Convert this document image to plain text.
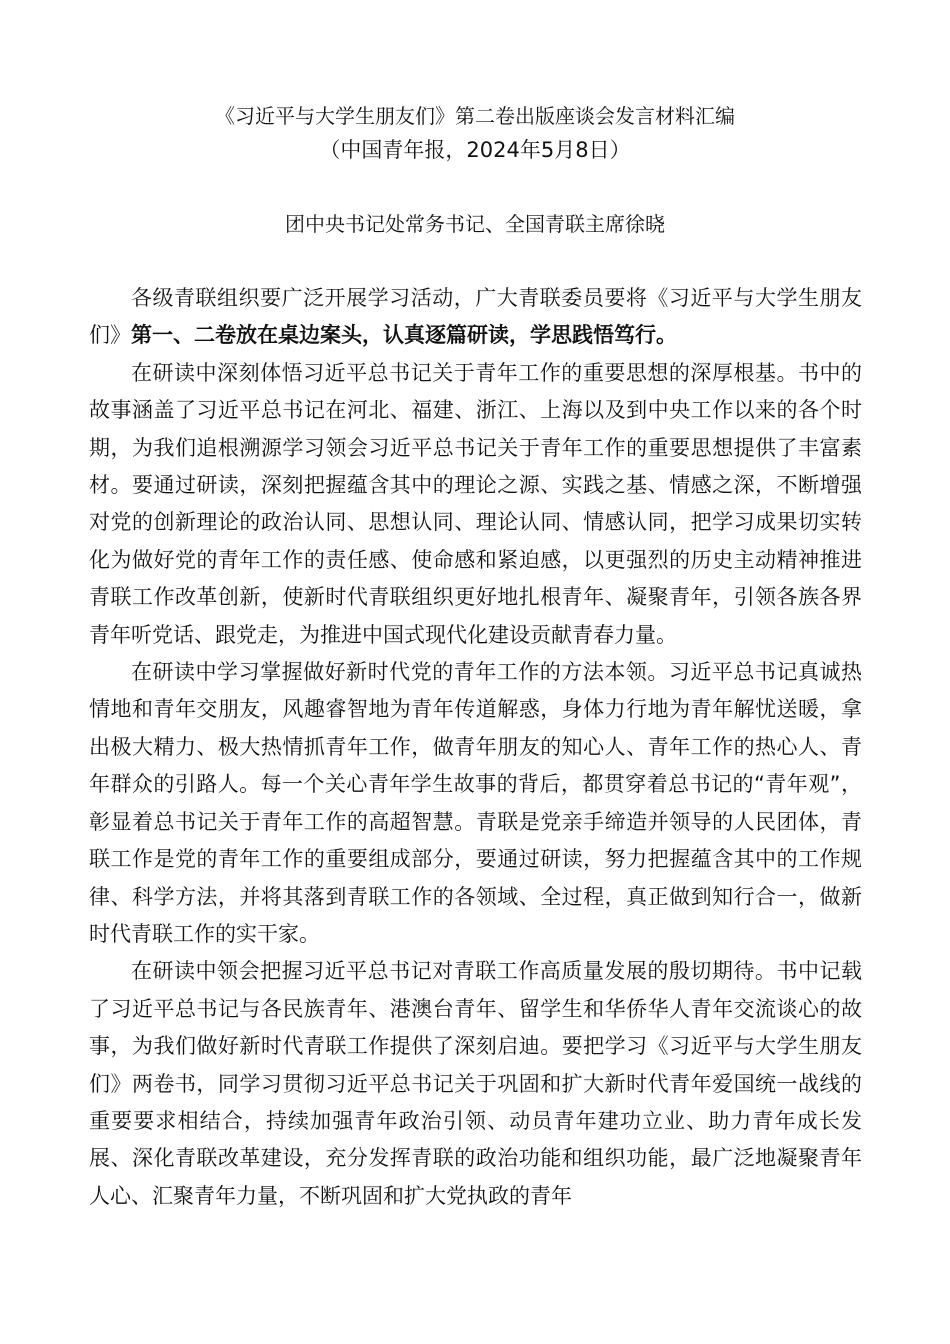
《习近平与大学生朋友们》第二卷出版座谈会发言材料汇编
（中国青年报，2024年5月8日）
团中央书记处常务书记、全国青联主席徐晓

各级青联组织要广泛开展学习活动，广大青联委员要将《习近平与大学生朋友们》第一、二卷放在桌边案头，认真逐篇研读，学思践悟笃行。

在研读中深刻体悟习近平总书记关于青年工作的重要思想的深厚根基。书中的故事涵盖了习近平总书记在河北、福建、浙江、上海以及到中央工作以来的各个时期，为我们追根溯源学习领会习近平总书记关于青年工作的重要思想提供了丰富素材。要通过研读，深刻把握蕴含其中的理论之源、实践之基、情感之深，不断增强对党的创新理论的政治认同、思想认同、理论认同、情感认同，把学习成果切实转化为做好党的青年工作的责任感、使命感和紧迫感，以更强烈的历史主动精神推进青联工作改革创新，使新时代青联组织更好地扎根青年、凝聚青年，引领各族各界青年听党话、跟党走，为推进中国式现代化建设贡献青春力量。

在研读中学习掌握做好新时代党的青年工作的方法本领。习近平总书记真诚热情地和青年交朋友，风趣睿智地为青年传道解惑，身体力行地为青年解忧送暖，拿出极大精力、极大热情抓青年工作，做青年朋友的知心人、青年工作的热心人、青年群众的引路人。每一个关心青年学生故事的背后，都贯穿着总书记的“青年观”，彰显着总书记关于青年工作的高超智慧。青联是党亲手缔造并领导的人民团体，青联工作是党的青年工作的重要组成部分，要通过研读，努力把握蕴含其中的工作规律、科学方法，并将其落到青联工作的各领域、全过程，真正做到知行合一，做新时代青联工作的实干家。

在研读中领会把握习近平总书记对青联工作高质量发展的殷切期待。书中记载了习近平总书记与各民族青年、港澳台青年、留学生和华侨华人青年交流谈心的故事，为我们做好新时代青联工作提供了深刻启迪。要把学习《习近平与大学生朋友们》两卷书，同学习贯彻习近平总书记关于巩固和扩大新时代青年爱国统一战线的重要要求相结合，持续加强青年政治引领、动员青年建功立业、助力青年成长发展、深化青联改革建设，充分发挥青联的政治功能和组织功能，最广泛地凝聚青年人心、汇聚青年力量，不断巩固和扩大党执政的青年
